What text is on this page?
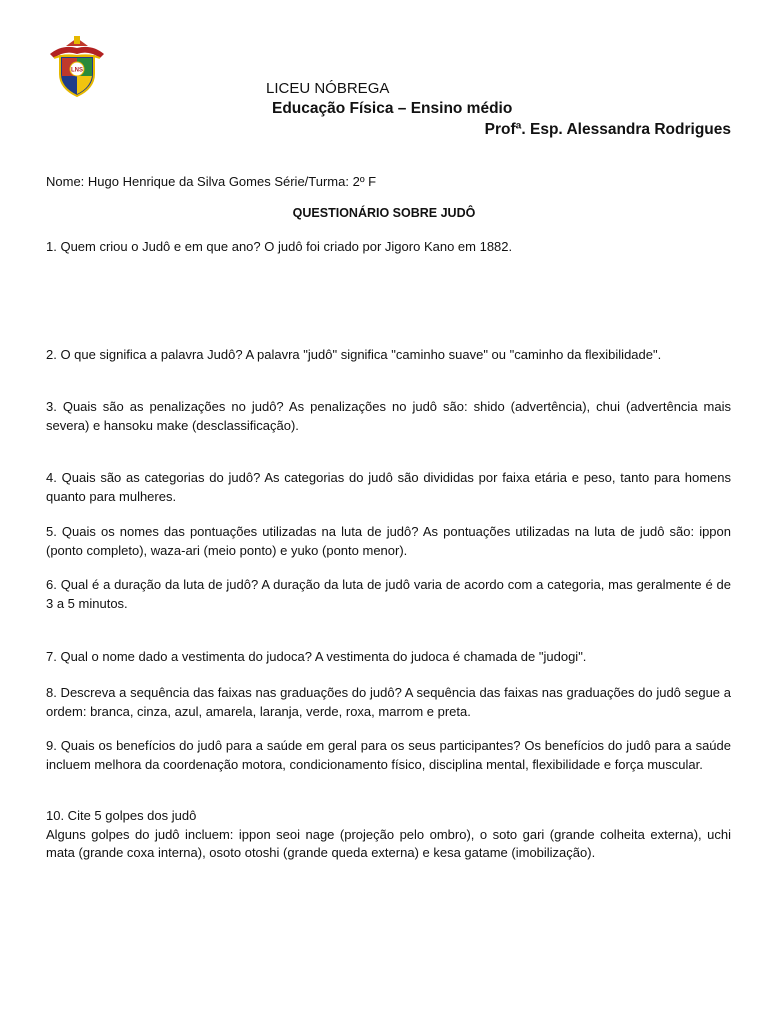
LNS
LICEU NÓBREGA
Educação Física – Ensino médio
Profª. Esp. Alessandra Rodrigues
Nome: Hugo Henrique da Silva Gomes Série/Turma: 2º F
QUESTIONÁRIO SOBRE JUDÔ
1. Quem criou o Judô e em que ano? O judô foi criado por Jigoro Kano em 1882.
2. O que significa a palavra Judô? A palavra "judô" significa "caminho suave" ou "caminho da flexibilidade".
3. Quais são as penalizações no judô? As penalizações no judô são: shido (advertência), chui (advertência mais severa) e hansoku make (desclassificação).
4. Quais são as categorias do judô? As categorias do judô são divididas por faixa etária e peso, tanto para homens quanto para mulheres.
5. Quais os nomes das pontuações utilizadas na luta de judô? As pontuações utilizadas na luta de judô são: ippon (ponto completo), waza-ari (meio ponto) e yuko (ponto menor).
6. Qual é a duração da luta de judô? A duração da luta de judô varia de acordo com a categoria, mas geralmente é de 3 a 5 minutos.
7. Qual o nome dado a vestimenta do judoca? A vestimenta do judoca é chamada de "judogi".
8. Descreva a sequência das faixas nas graduações do judô? A sequência das faixas nas graduações do judô segue a ordem: branca, cinza, azul, amarela, laranja, verde, roxa, marrom e preta.
9. Quais os benefícios do judô para a saúde em geral para os seus participantes? Os benefícios do judô para a saúde incluem melhora da coordenação motora, condicionamento físico, disciplina mental, flexibilidade e força muscular.
10. Cite 5 golpes dos judô
Alguns golpes do judô incluem: ippon seoi nage (projeção pelo ombro), o soto gari (grande colheita externa), uchi mata (grande coxa interna), osoto otoshi (grande queda externa) e kesa gatame (imobilização).
